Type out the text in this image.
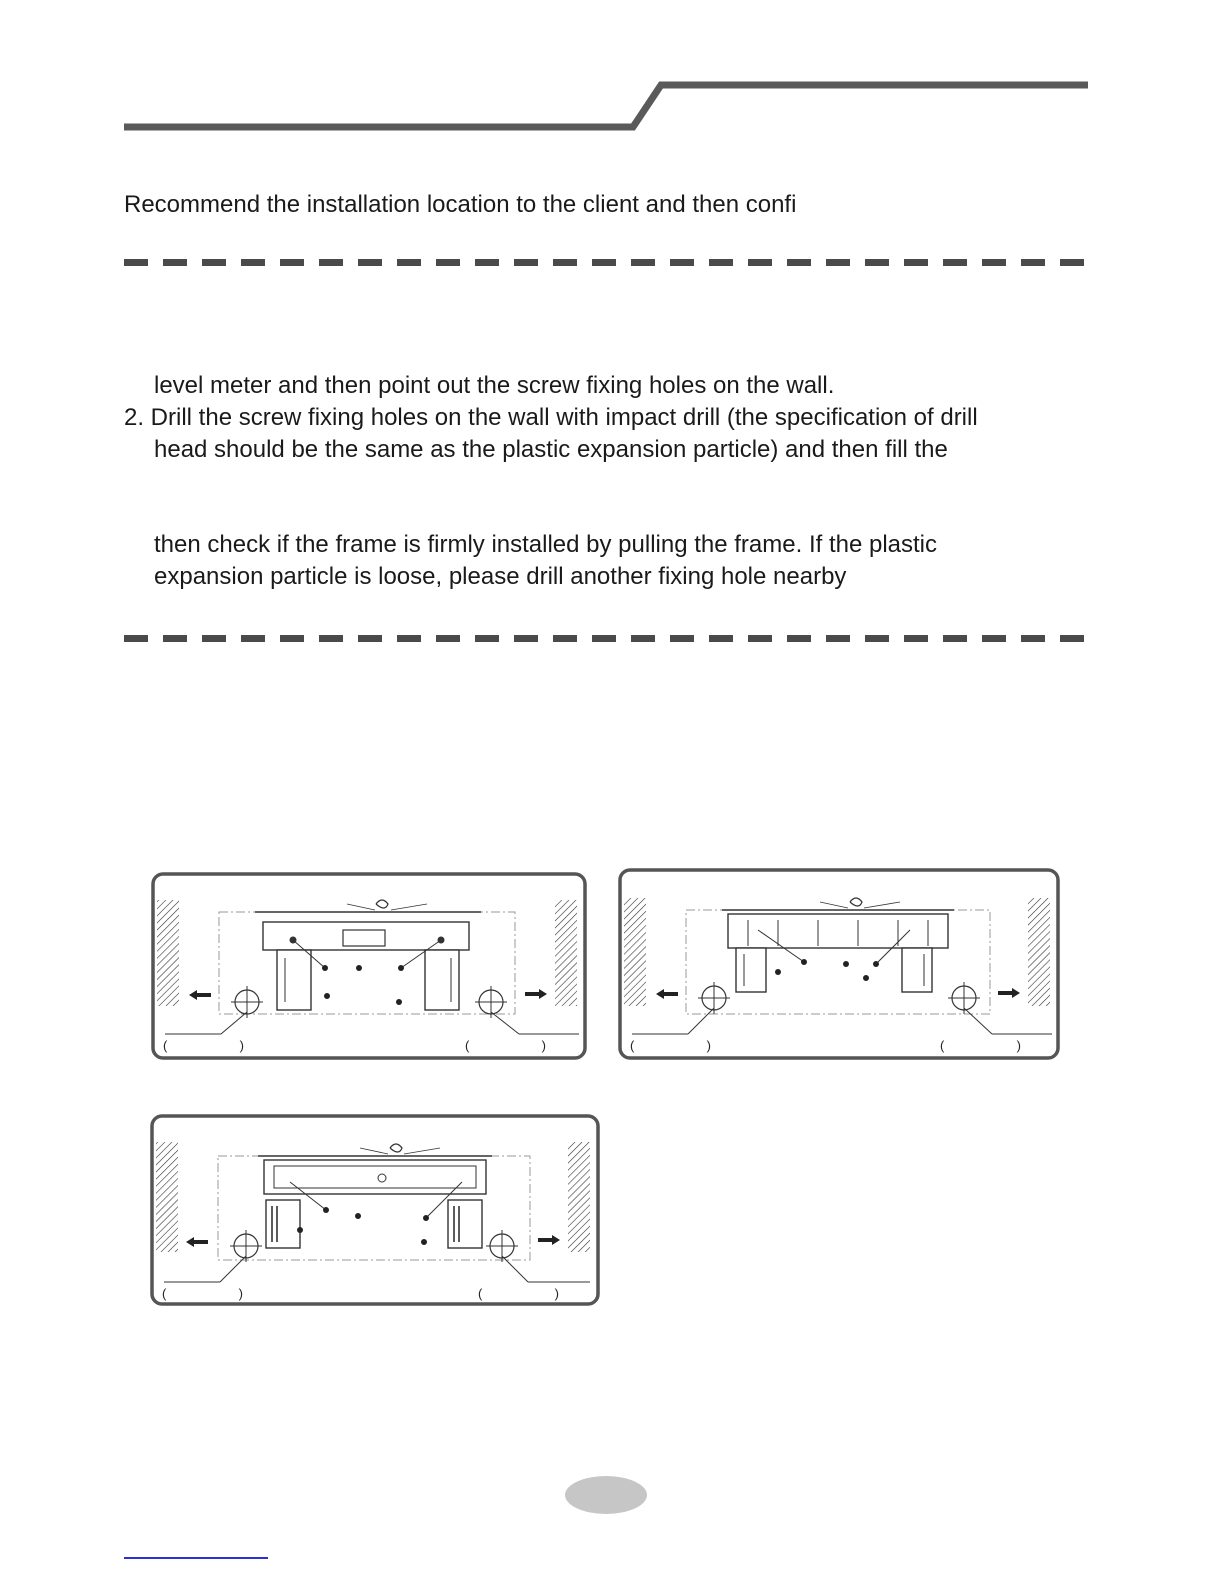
Recommend the installation location to the client and then confi
level meter and then point out the screw fixing holes on the wall.
2. Drill the screw fixing holes on the wall with impact drill (the specification of drill
head should be the same as the plastic expansion particle) and then fill the
then check if the frame is firmly installed by pulling the frame. If the plastic
expansion particle is loose, please drill another fixing hole nearby
(                    )	(                    )	(                    )	(                    )
(                    )	(                    )
